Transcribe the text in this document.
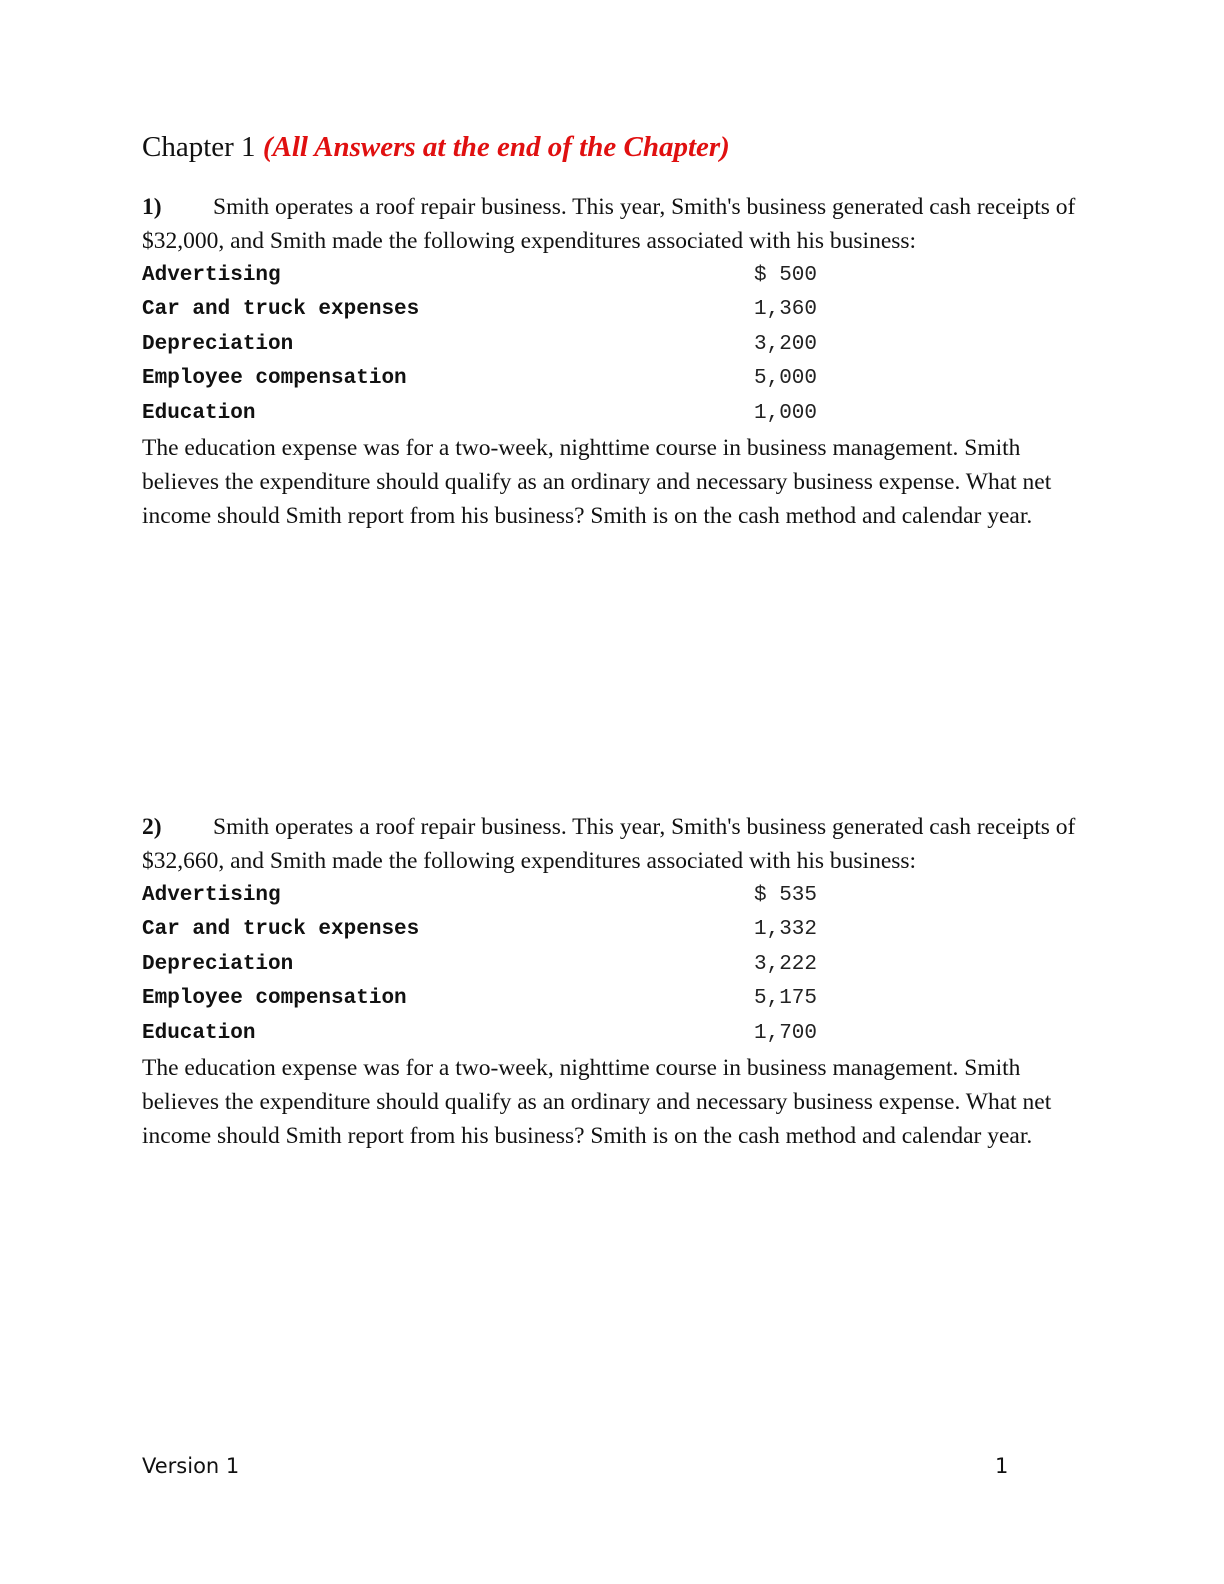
Chapter 1 (All Answers at the end of the Chapter)

1) Smith operates a roof repair business. This year, Smith's business generated cash receipts of $32,000, and Smith made the following expenditures associated with his business:

Advertising	$ 500
Car and truck expenses	1,360
Depreciation	3,200
Employee compensation	5,000
Education	1,000

The education expense was for a two-week, nighttime course in business management. Smith believes the expenditure should qualify as an ordinary and necessary business expense. What net income should Smith report from his business? Smith is on the cash method and calendar year.

2) Smith operates a roof repair business. This year, Smith's business generated cash receipts of $32,660, and Smith made the following expenditures associated with his business:

Advertising	$ 535
Car and truck expenses	1,332
Depreciation	3,222
Employee compensation	5,175
Education	1,700

The education expense was for a two-week, nighttime course in business management. Smith believes the expenditure should qualify as an ordinary and necessary business expense. What net income should Smith report from his business? Smith is on the cash method and calendar year.

Version 1	1
